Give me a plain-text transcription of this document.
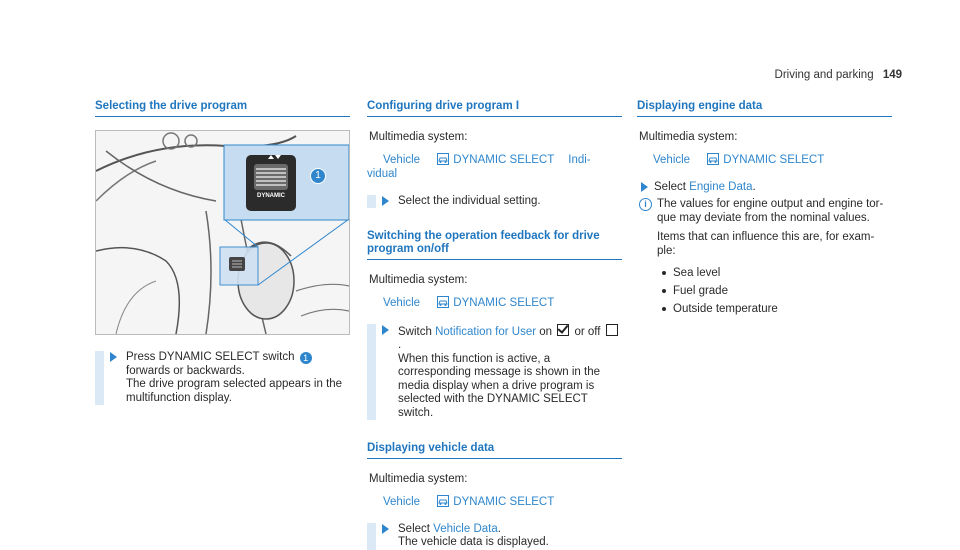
Driving and parking 149
Selecting the drive program
DYNAMIC
1
Press DYNAMIC SELECT switch 1 forwards or backwards.
The drive program selected appears in the multifunction display.
Configuring drive program I
Multimedia system:
Vehicle	DYNAMIC SELECT Indi-
vidual
Select the individual setting.
Switching the operation feedback for drive program on/off
Multimedia system:
Vehicle	DYNAMIC SELECT
Switch Notification for User on  or off .
When this function is active, a corresponding message is shown in the media display when a drive program is selected with the DYNAMIC SELECT switch.
Displaying vehicle data
Multimedia system:
Vehicle	DYNAMIC SELECT
Select Vehicle Data.
The vehicle data is displayed.
Displaying engine data
Multimedia system:
Vehicle	DYNAMIC SELECT
Select Engine Data.
i The values for engine output and engine tor- que may deviate from the nominal values.
Items that can influence this are, for exam- ple:
Sea level
Fuel grade
Outside temperature
